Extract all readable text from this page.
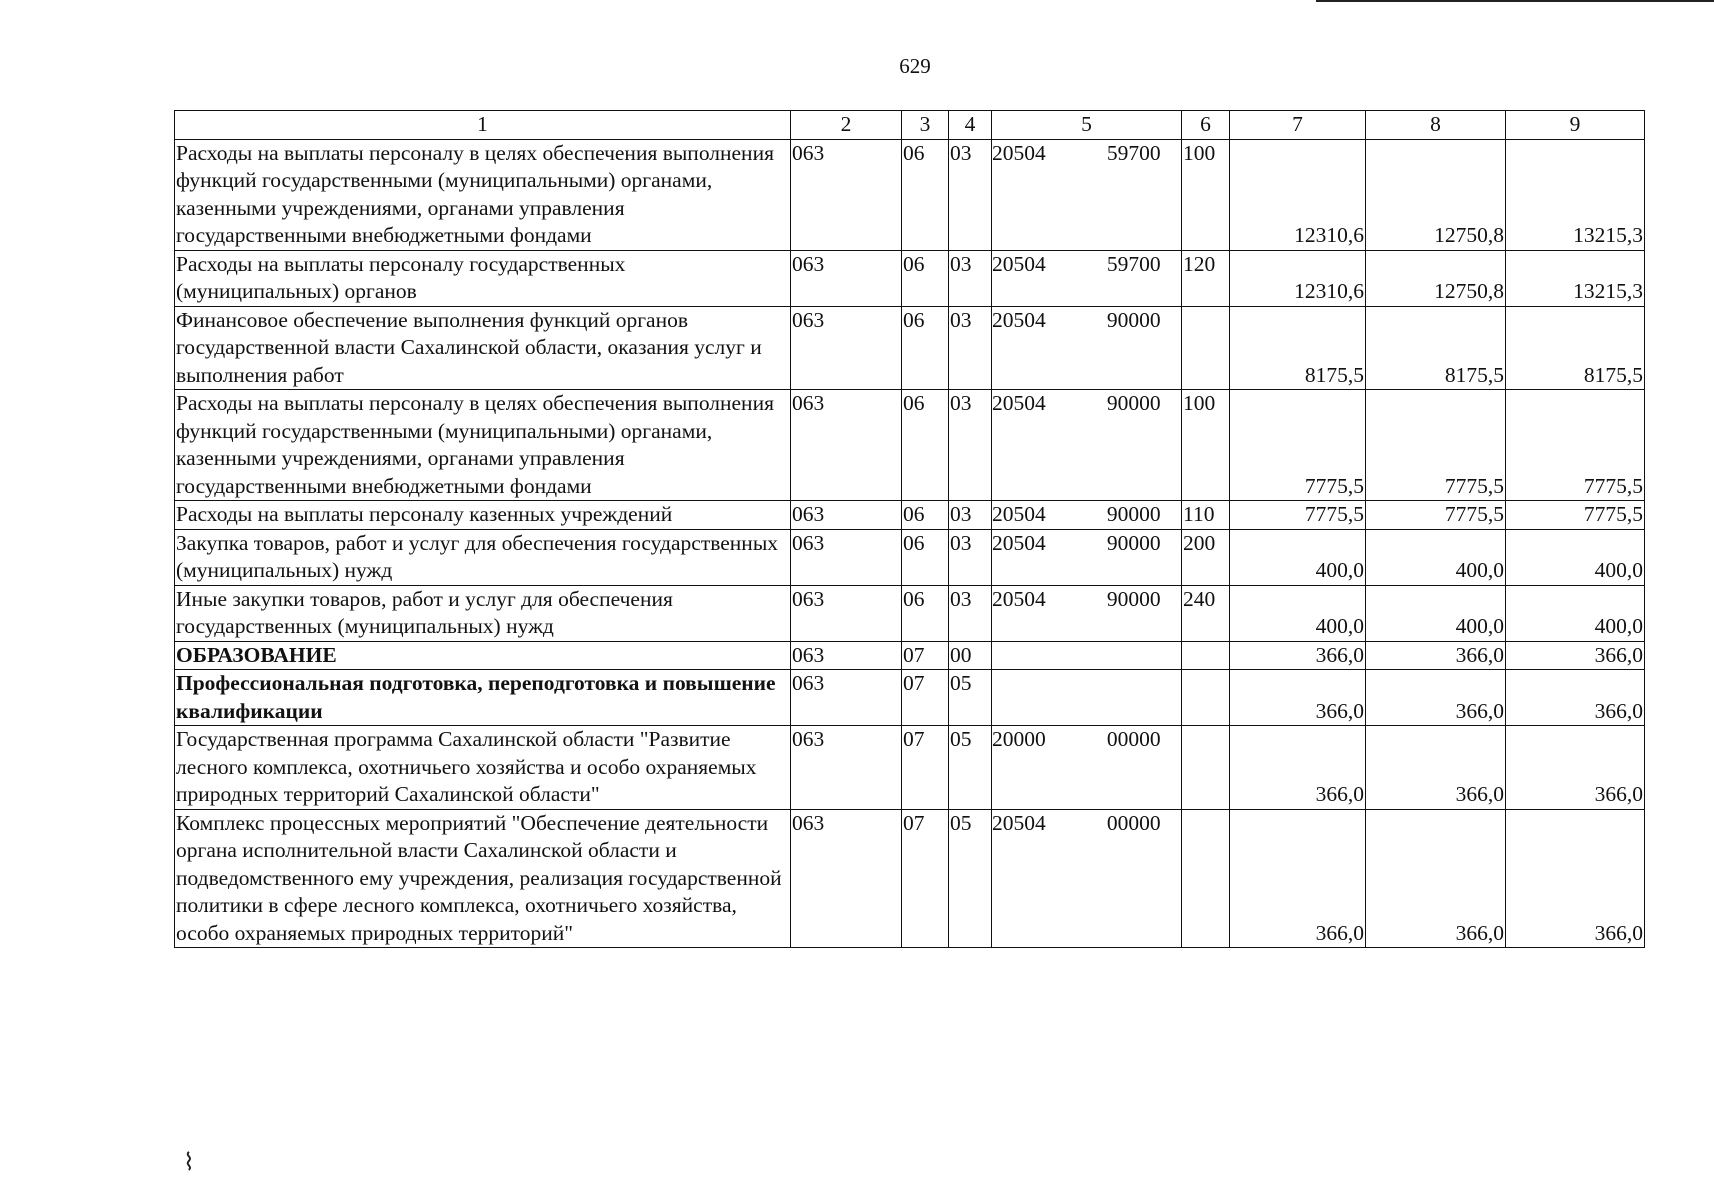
629
1	2	3	4	5	6	7	8	9
Расходы на выплаты персоналу в целях обеспечения выполнения функций государственными (муниципальными) органами, казенными учреждениями, органами управления государственными внебюджетными фондами	063	06	03	20504 59700	100	12310,6	12750,8	13215,3
Расходы на выплаты персоналу государственных (муниципальных) органов	063	06	03	20504 59700	120	12310,6	12750,8	13215,3
Финансовое обеспечение выполнения функций органов государственной власти Сахалинской области, оказания услуг и выполнения работ	063	06	03	20504 90000		8175,5	8175,5	8175,5
Расходы на выплаты персоналу в целях обеспечения выполнения функций государственными (муниципальными) органами, казенными учреждениями, органами управления государственными внебюджетными фондами	063	06	03	20504 90000	100	7775,5	7775,5	7775,5
Расходы на выплаты персоналу казенных учреждений	063	06	03	20504 90000	110	7775,5	7775,5	7775,5
Закупка товаров, работ и услуг для обеспечения государственных (муниципальных) нужд	063	06	03	20504 90000	200	400,0	400,0	400,0
Иные закупки товаров, работ и услуг для обеспечения государственных (муниципальных) нужд	063	06	03	20504 90000	240	400,0	400,0	400,0
ОБРАЗОВАНИЕ	063	07	00			366,0	366,0	366,0
Профессиональная подготовка, переподготовка и повышение квалификации	063	07	05			366,0	366,0	366,0
Государственная программа Сахалинской области "Развитие лесного комплекса, охотничьего хозяйства и особо охраняемых природных территорий Сахалинской области"	063	07	05	20000 00000		366,0	366,0	366,0
Комплекс процессных мероприятий "Обеспечение деятельности органа исполнительной власти Сахалинской области и подведомственного ему учреждения, реализация государственной политики в сфере лесного комплекса, охотничьего хозяйства, особо охраняемых природных территорий"	063	07	05	20504 00000		366,0	366,0	366,0
⌇
